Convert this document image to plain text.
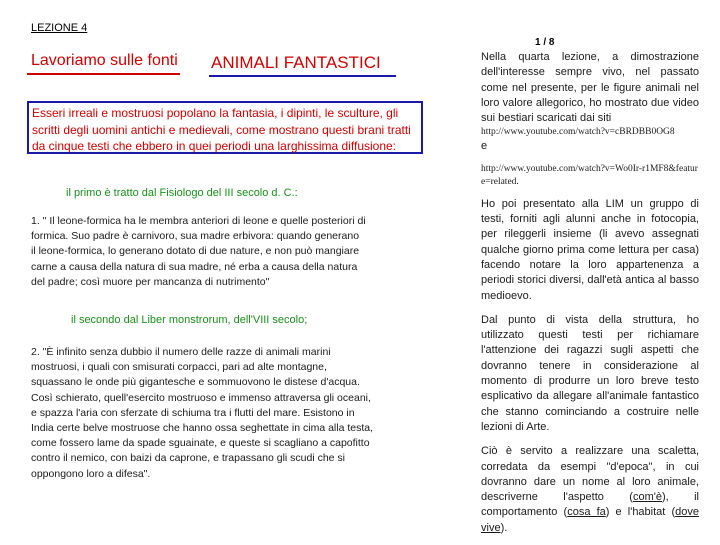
LEZIONE 4
1 / 8
Lavoriamo sulle fonti ANIMALI FANTASTICI
Esseri irreali e mostruosi popolano la fantasia, i dipinti, le sculture, gli scritti degli uomini antichi e medievali, come mostrano questi brani tratti da cinque testi che ebbero in quei periodi una larghissima diffusione:
il primo è tratto dal Fisiologo del III secolo d. C.:
1. " Il leone-formica ha le membra anteriori di leone e quelle posteriori di formica. Suo padre è carnivoro, sua madre erbivora: quando generano il leone-formica, lo generano dotato di due nature, e non può mangiare carne a causa della natura di sua madre, né erba a causa della natura del padre; così muore per mancanza di nutrimento"
il secondo dal Liber monstrorum, dell'VIII secolo;
2. "È infinito senza dubbio il numero delle razze di animali marini mostruosi, i quali con smisurati corpacci, pari ad alte montagne, squassano le onde più gigantesche e sommuovono le distese d'acqua. Così schierato, quell'esercito mostruoso e immenso attraversa gli oceani, e spazza l'aria con sferzate di schiuma tra i flutti del mare. Esistono in India certe belve mostruose che hanno ossa seghettate in cima alla testa, come fossero lame da spade sguainate, e queste si scagliano a capofitto contro il nemico, con baizi da caprone, e trapassano gli scudi che si oppongono loro a difesa".

Nella quarta lezione, a dimostrazione dell'interesse sempre vivo, nel passato come nel presente, per le figure animali nel loro valore allegorico, ho mostrato due video sui bestiari scaricati dai siti
http://www.youtube.com/watch?v=cBRDBB0OG8
e
http://www.youtube.com/watch?v=Wo0Ir-r1MF8&feature=related.

Ho poi presentato alla LIM un gruppo di testi, forniti agli alunni anche in fotocopia, per rileggerli insieme (li avevo assegnati qualche giorno prima come lettura per casa) facendo notare la loro appartenenza a periodi storici diversi, dall'età antica al basso medioevo.

Dal punto di vista della struttura, ho utilizzato questi testi per richiamare l'attenzione dei ragazzi sugli aspetti che dovranno tenere in considerazione al momento di produrre un loro breve testo esplicativo da allegare all'animale fantastico che stanno cominciando a costruire nelle lezioni di Arte.

Ciò è servito a realizzare una scaletta, corredata da esempi "d'epoca", in cui dovranno dare un nome al loro animale, descriverne l'aspetto (com'è), il comportamento (cosa fa) e l'habitat (dove vive).
